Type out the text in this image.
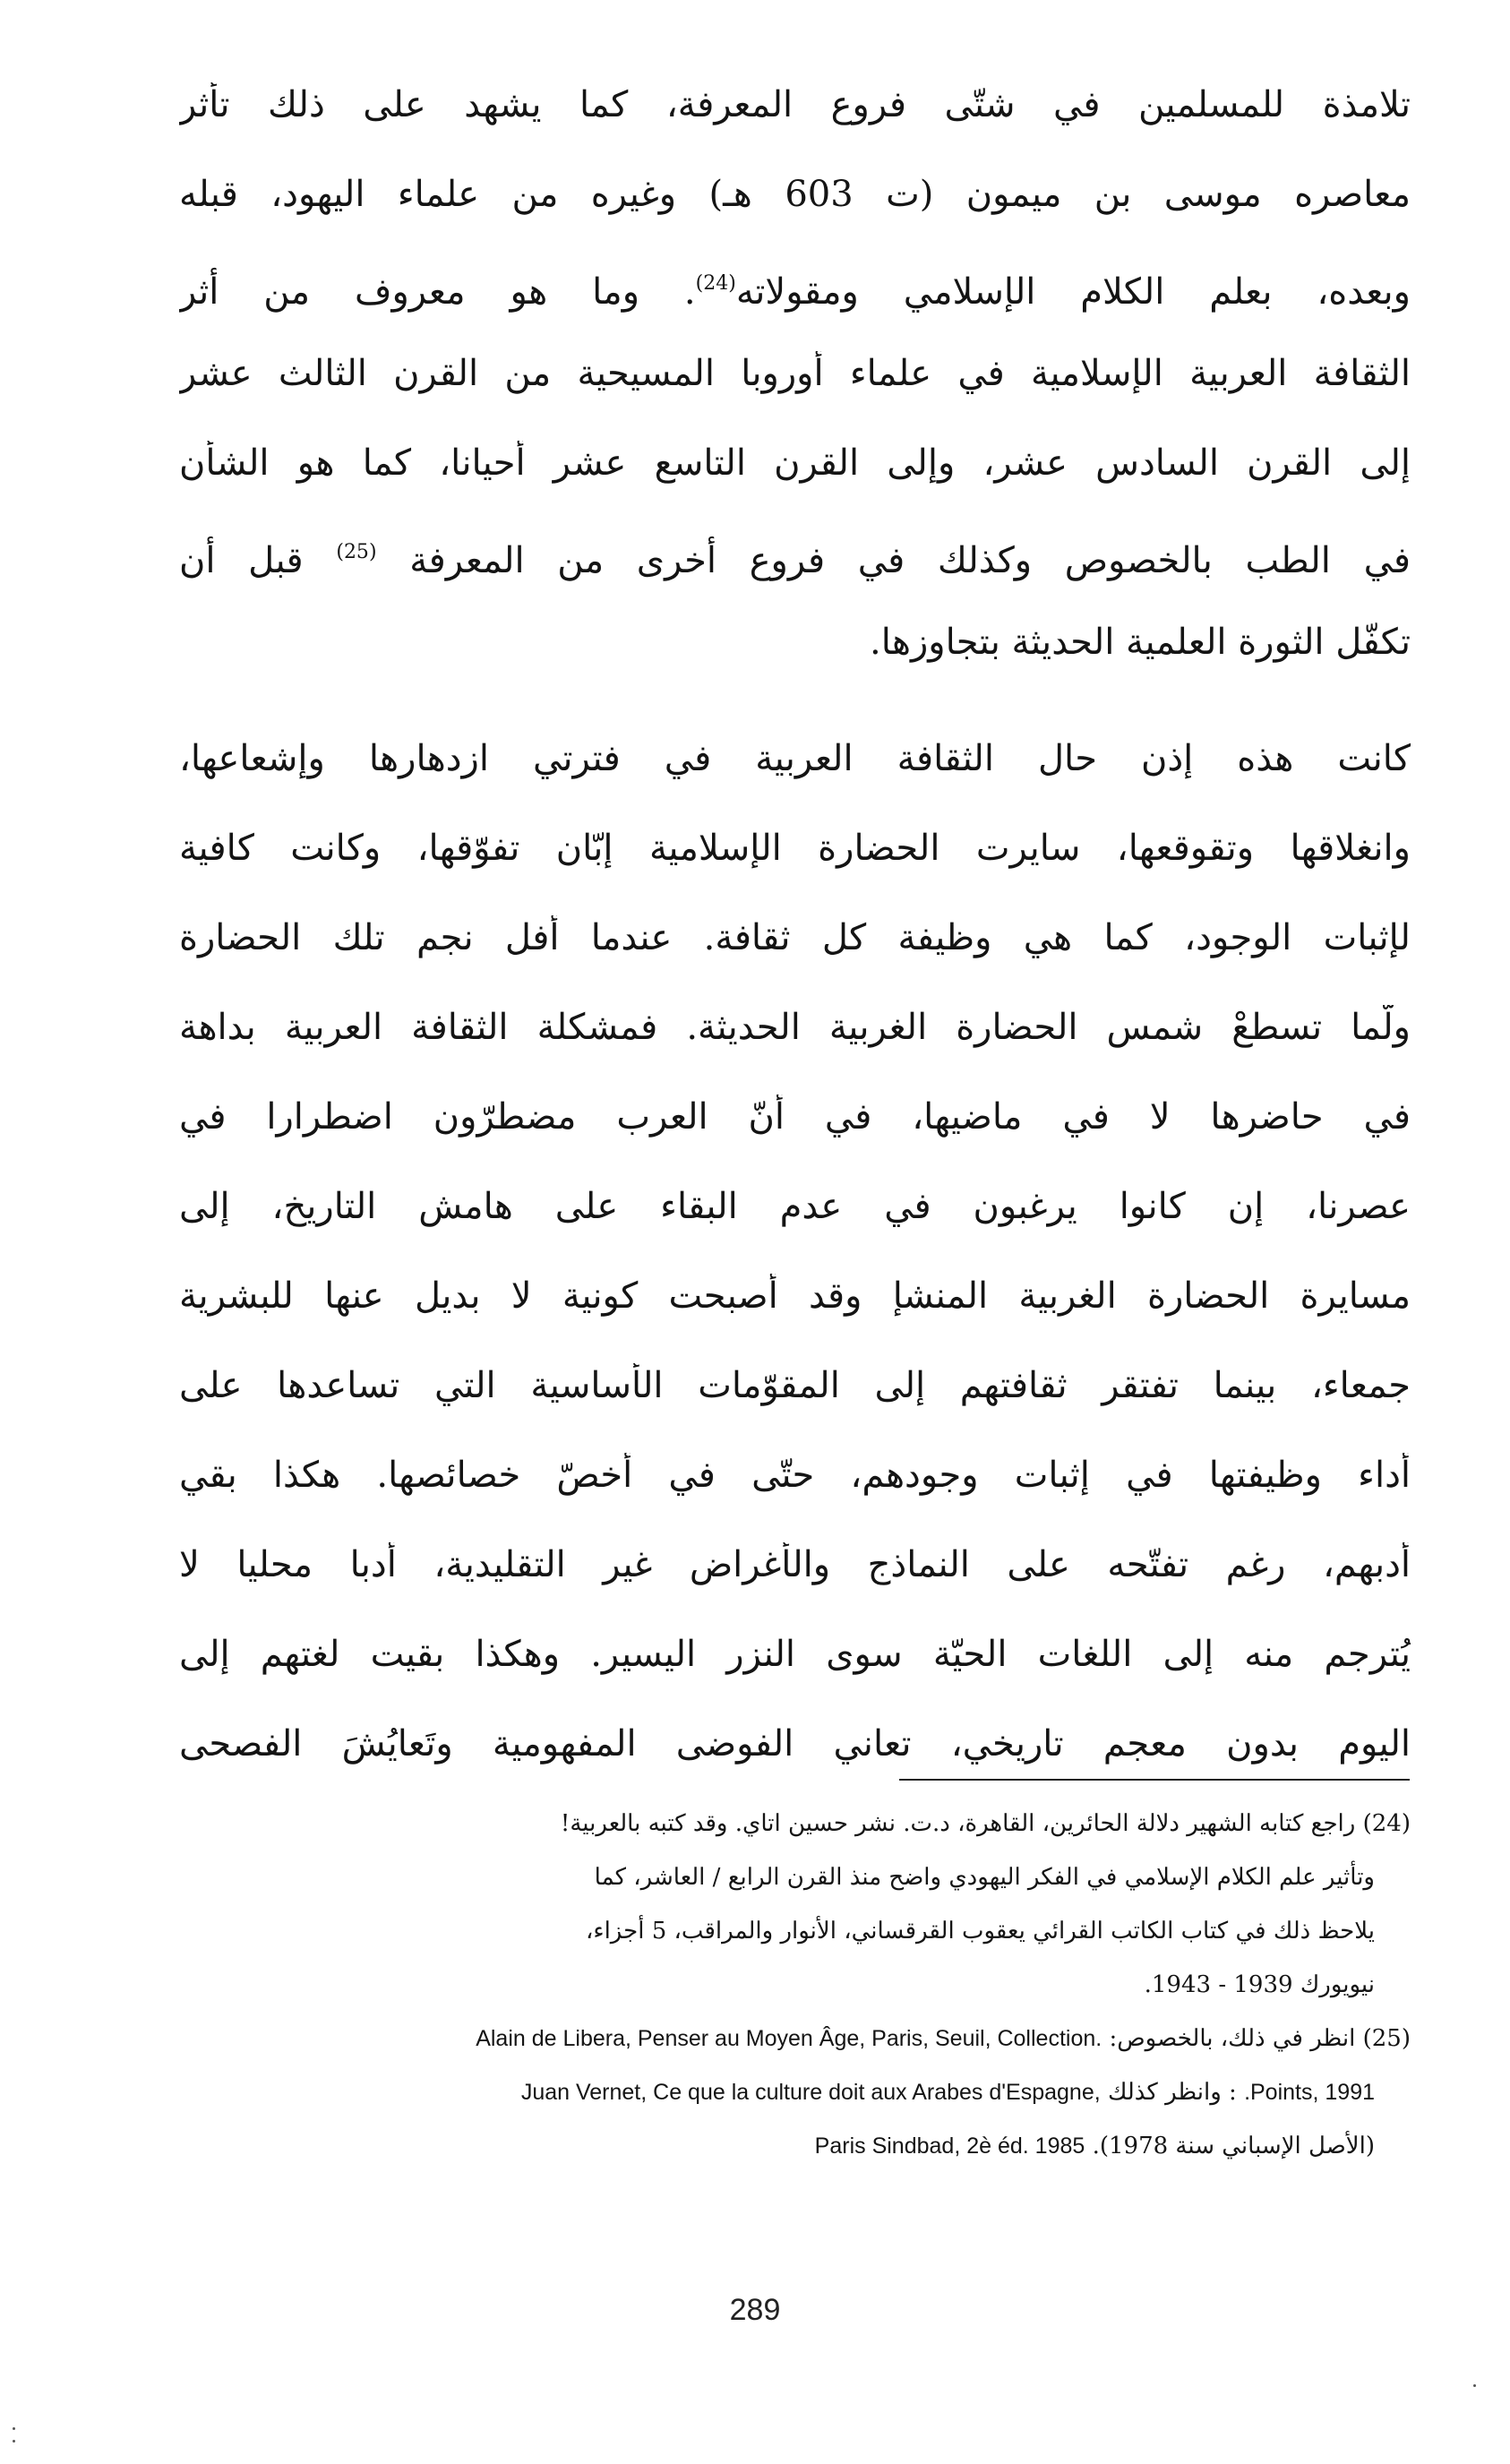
تلامذة للمسلمين في شتّى فروع المعرفة، كما يشهد على ذلك تأثر
معاصره موسى بن ميمون (ت 603 هـ) وغيره من علماء اليهود، قبله
وبعده، بعلم الكلام الإسلامي ومقولاته$^{(24)}$. وما هو معروف من أثر
الثقافة العربية الإسلامية في علماء أوروبا المسيحية من القرن الثالث عشر
إلى القرن السادس عشر، وإلى القرن التاسع عشر أحيانا، كما هو الشأن
في الطب بالخصوص وكذلك في فروع أخرى من المعرفة $^{(25)}$ قبل أن
تكفّل الثورة العلمية الحديثة بتجاوزها.
كانت هذه إذن حال الثقافة العربية في فترتي ازدهارها وإشعاعها،
وانغلاقها وتقوقعها، سايرت الحضارة الإسلامية إبّان تفوّقها، وكانت كافية
لإثبات الوجود، كما هي وظيفة كل ثقافة. عندما أفل نجم تلك الحضارة
ولّما تسطعْ شمس الحضارة الغربية الحديثة. فمشكلة الثقافة العربية بداهة
في حاضرها لا في ماضيها، في أنّ العرب مضطرّون اضطرارا في
عصرنا، إن كانوا يرغبون في عدم البقاء على هامش التاريخ، إلى
مسايرة الحضارة الغربية المنشإ وقد أصبحت كونية لا بديل عنها للبشرية
جمعاء، بينما تفتقر ثقافتهم إلى المقوّمات الأساسية التي تساعدها على
أداء وظيفتها في إثبات وجودهم، حتّى في أخصّ خصائصها. هكذا بقي
أدبهم، رغم تفتّحه على النماذج والأغراض غير التقليدية، أدبا محليا لا
يُترجم منه إلى اللغات الحيّة سوى النزر اليسير. وهكذا بقيت لغتهم إلى
اليوم بدون معجم تاريخي، تعاني الفوضى المفهومية وتَعايُشَ الفصحى
(24) راجع كتابه الشهير دلالة الحائرين، القاهرة، د.ت. نشر حسين اتاي. وقد كتبه بالعربية!
وتأثير علم الكلام الإسلامي في الفكر اليهودي واضح منذ القرن الرابع / العاشر، كما
يلاحظ ذلك في كتاب الكاتب القرائي يعقوب القرقساني، الأنوار والمراقب، 5 أجزاء،
نيويورك 1939 - 1943.
(25) انظر في ذلك، بالخصوص: Alain de Libera, Penser au Moyen Âge, Paris, Seuil, Collection.
.Points, 1991 : وانظر كذلك Juan Vernet, Ce que la culture doit aux Arabes d'Espagne,
(الأصل الإسباني سنة 1978). Paris Sindbad, 2è éd. 1985
289
